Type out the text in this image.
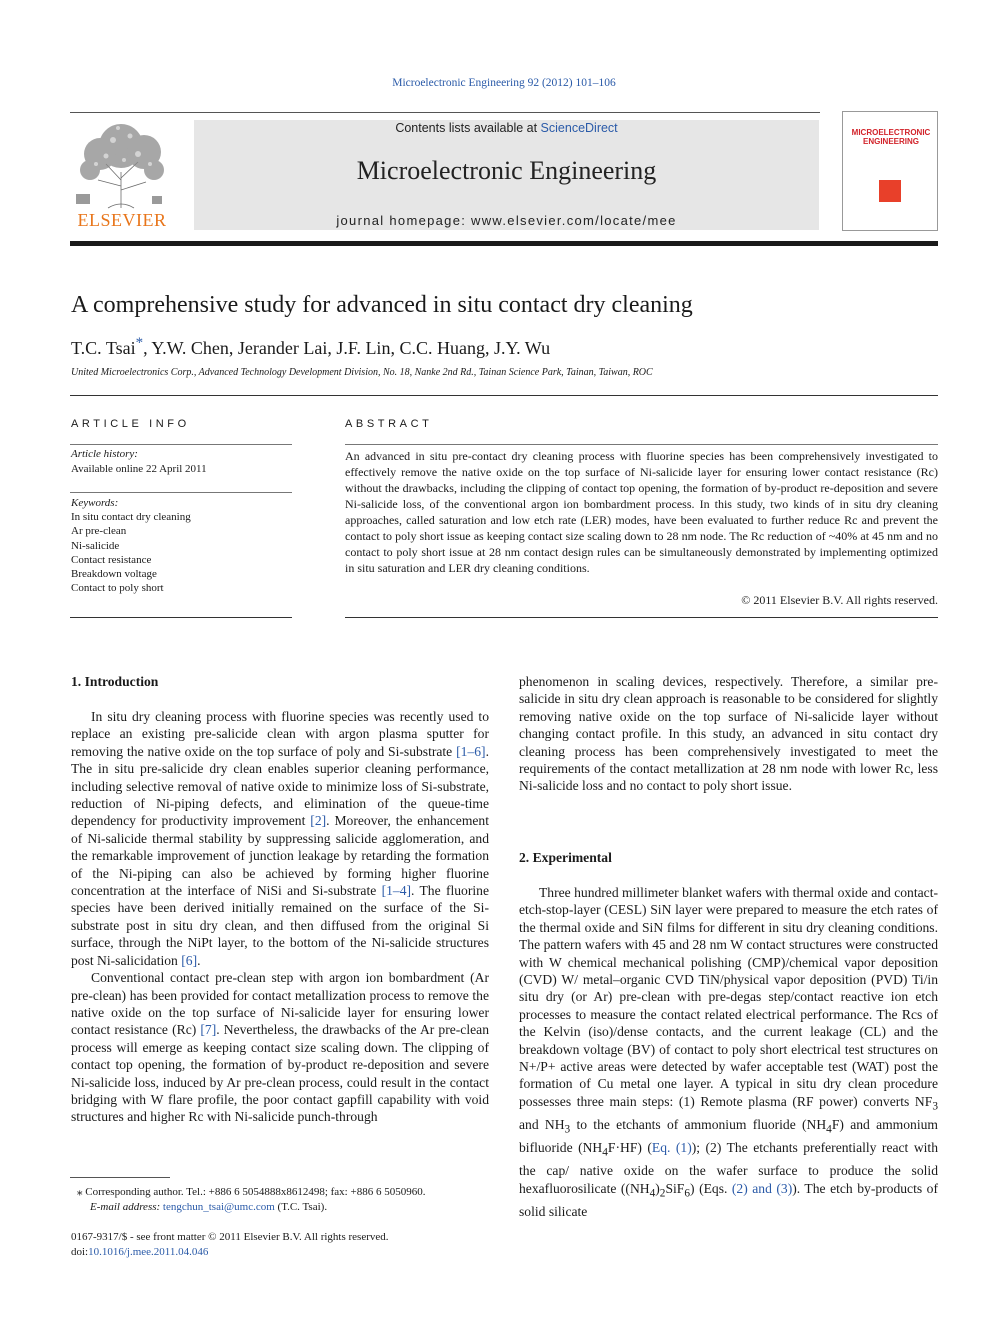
Microelectronic Engineering 92 (2012) 101–106
ELSEVIER
Contents lists available at ScienceDirect
Microelectronic Engineering
journal homepage: www.elsevier.com/locate/mee
MICROELECTRONIC ENGINEERING
A comprehensive study for advanced in situ contact dry cleaning
T.C. Tsai*, Y.W. Chen, Jerander Lai, J.F. Lin, C.C. Huang, J.Y. Wu
United Microelectronics Corp., Advanced Technology Development Division, No. 18, Nanke 2nd Rd., Tainan Science Park, Tainan, Taiwan, ROC
ARTICLE INFO
Article history:
Available online 22 April 2011
Keywords:
In situ contact dry cleaning
Ar pre-clean
Ni-salicide
Contact resistance
Breakdown voltage
Contact to poly short
ABSTRACT
An advanced in situ pre-contact dry cleaning process with fluorine species has been comprehensively investigated to effectively remove the native oxide on the top surface of Ni-salicide layer for ensuring lower contact resistance (Rc) without the drawbacks, including the clipping of contact top opening, the formation of by-product re-deposition and severe Ni-salicide loss, of the conventional argon ion bombardment process. In this study, two kinds of in situ dry cleaning approaches, called saturation and low etch rate (LER) modes, have been evaluated to further reduce Rc and prevent the contact to poly short issue as keeping contact size scaling down to 28 nm node. The Rc reduction of ~40% at 45 nm and no contact to poly short issue at 28 nm contact design rules can be simultaneously demonstrated by implementing optimized in situ saturation and LER dry cleaning conditions.
© 2011 Elsevier B.V. All rights reserved.
1. Introduction

In situ dry cleaning process with fluorine species was recently used to replace an existing pre-salicide clean with argon plasma sputter for removing the native oxide on the top surface of poly and Si-substrate [1–6]. The in situ pre-salicide dry clean enables superior cleaning performance, including selective removal of native oxide to minimize loss of Si-substrate, reduction of Ni-piping defects, and elimination of the queue-time dependency for productivity improvement [2]. Moreover, the enhancement of Ni-salicide thermal stability by suppressing salicide agglomeration, and the remarkable improvement of junction leakage by retarding the formation of the Ni-piping can also be achieved by forming higher fluorine concentration at the interface of NiSi and Si-substrate [1–4]. The fluorine species have been derived initially remained on the surface of the Si-substrate post in situ dry clean, and then diffused from the original Si surface, through the NiPt layer, to the bottom of the Ni-salicide structures post Ni-salicidation [6].

Conventional contact pre-clean step with argon ion bombardment (Ar pre-clean) has been provided for contact metallization process to remove the native oxide on the top surface of Ni-salicide layer for ensuring lower contact resistance (Rc) [7]. Nevertheless, the drawbacks of the Ar pre-clean process will emerge as keeping contact size scaling down. The clipping of contact top opening, the formation of by-product re-deposition and severe Ni-salicide loss, induced by Ar pre-clean process, could result in the contact bridging with W flare profile, the poor contact gapfill capability with void structures and higher Rc with Ni-salicide punch-through

phenomenon in scaling devices, respectively. Therefore, a similar pre-salicide in situ dry clean approach is reasonable to be considered for slightly removing native oxide on the top surface of Ni-salicide layer without changing contact profile. In this study, an advanced in situ contact dry cleaning process has been comprehensively investigated to meet the requirements of the contact metallization at 28 nm node with lower Rc, less Ni-salicide loss and no contact to poly short issue.
2. Experimental

Three hundred millimeter blanket wafers with thermal oxide and contact-etch-stop-layer (CESL) SiN layer were prepared to measure the etch rates of the thermal oxide and SiN films for different in situ dry cleaning conditions. The pattern wafers with 45 and 28 nm W contact structures were constructed with W chemical mechanical polishing (CMP)/chemical vapor deposition (CVD) W/ metal–organic CVD TiN/physical vapor deposition (PVD) Ti/in situ dry (or Ar) pre-clean with pre-degas step/contact reactive ion etch processes to measure the contact related electrical performance. The Rcs of the Kelvin (iso)/dense contacts, and the current leakage (CL) and the breakdown voltage (BV) of contact to poly short electrical test structures on N+/P+ active areas were detected by wafer acceptable test (WAT) post the formation of Cu metal one layer. A typical in situ dry clean procedure possesses three main steps: (1) Remote plasma (RF power) converts $NF_3$ and $NH_3$ to the etchants of ammonium fluoride $(NH_4F)$ and ammonium bifluoride $(NH_4F\cdot HF)$ (Eq. (1)); (2) The etchants preferentially react with the cap/ native oxide on the wafer surface to produce the solid hexafluorosilicate $((NH_4)_2SiF_6)$ (Eqs. (2) and (3)). The etch by-products of solid silicate

⁎ Corresponding author. Tel.: +886 6 5054888x8612498; fax: +886 6 5050960.
E-mail address: tengchun_tsai@umc.com (T.C. Tsai).
0167-9317/$ - see front matter © 2011 Elsevier B.V. All rights reserved.
doi:10.1016/j.mee.2011.04.046
